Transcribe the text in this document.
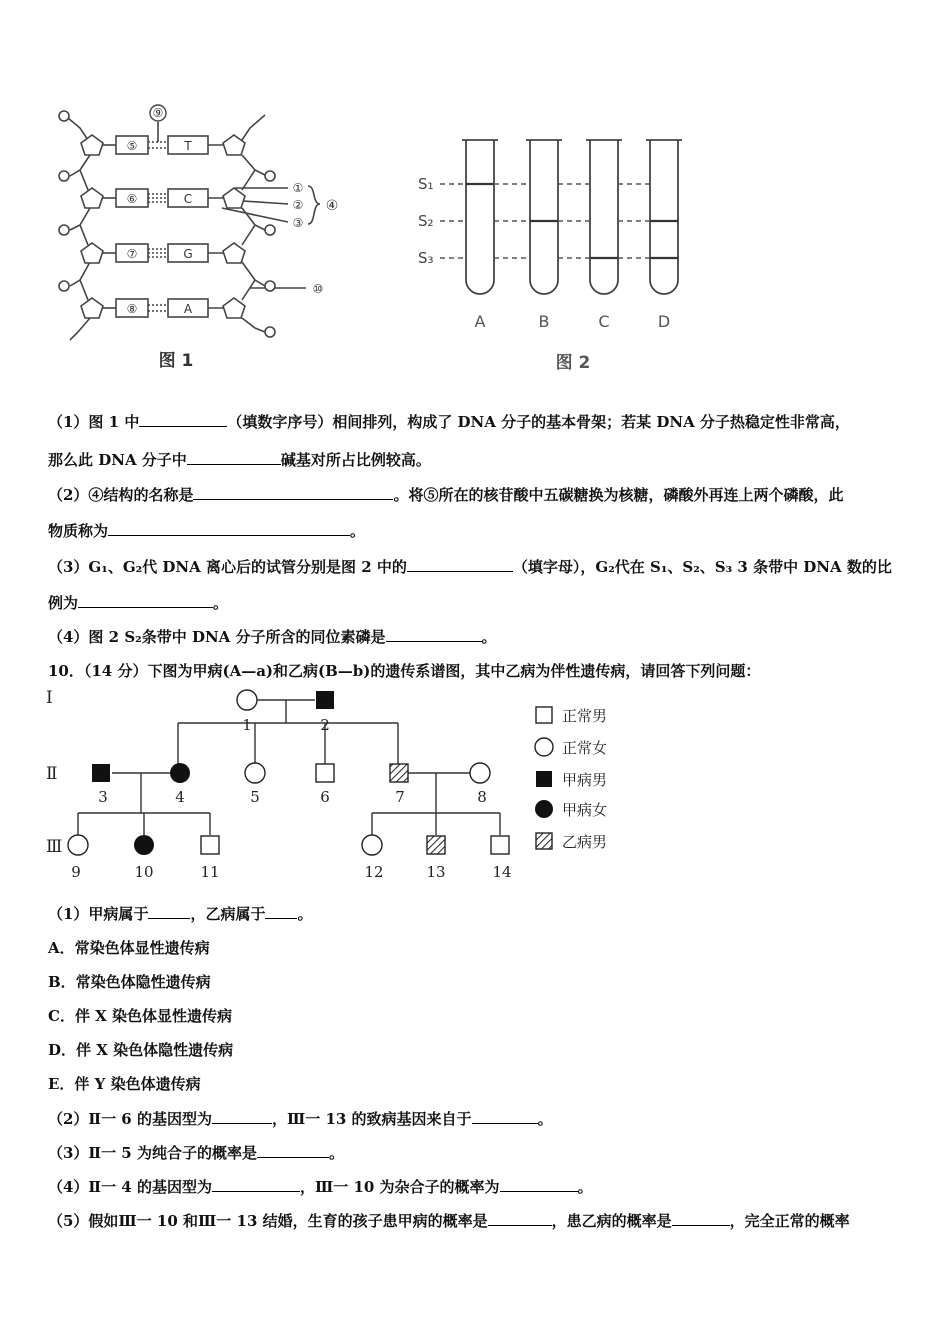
⑤	T
⑥	C
⑦	G
⑧	A
⑨
①
②
③
④
⑩
图 1
S₁
S₂
S₃
A	B	C	D
图 2
（1）图 1 中	（填数字序号）相间排列，构成了 DNA 分子的基本骨架；若某 DNA 分子热稳定性非常高，
那么此 DNA 分子中	碱基对所占比例较高。
（2）④结构的名称是	。将⑤所在的核苷酸中五碳糖换为核糖，磷酸外再连上两个磷酸，此
物质称为	。
（3）G₁、G₂代 DNA 离心后的试管分别是图 2 中的	（填字母），G₂代在 S₁、S₂、S₃ 3 条带中 DNA 数的比
例为	。
（4）图 2 S₂条带中 DNA 分子所含的同位素磷是	。
10．（14 分）下图为甲病(A—a)和乙病(B—b)的遗传系谱图，其中乙病为伴性遗传病，请回答下列问题：
Ⅰ
Ⅱ
Ⅲ
1	2
3	4	5	6	7	8
9	10	11	12	13	14
正常男
正常女
甲病男
甲病女
乙病男
（1）甲病属于	，乙病属于 。
A．常染色体显性遗传病
B．常染色体隐性遗传病
C．伴 X 染色体显性遗传病
D．伴 X 染色体隐性遗传病
E．伴 Y 染色体遗传病
（2）Ⅱ一 6 的基因型为	，Ⅲ一 13 的致病基因来自于	。
（3）Ⅱ一 5 为纯合子的概率是	。
（4）Ⅱ一 4 的基因型为	，Ⅲ一 10 为杂合子的概率为	。
（5）假如Ⅲ一 10 和Ⅲ一 13 结婚，生育的孩子患甲病的概率是	，患乙病的概率是	，完全正常的概率
